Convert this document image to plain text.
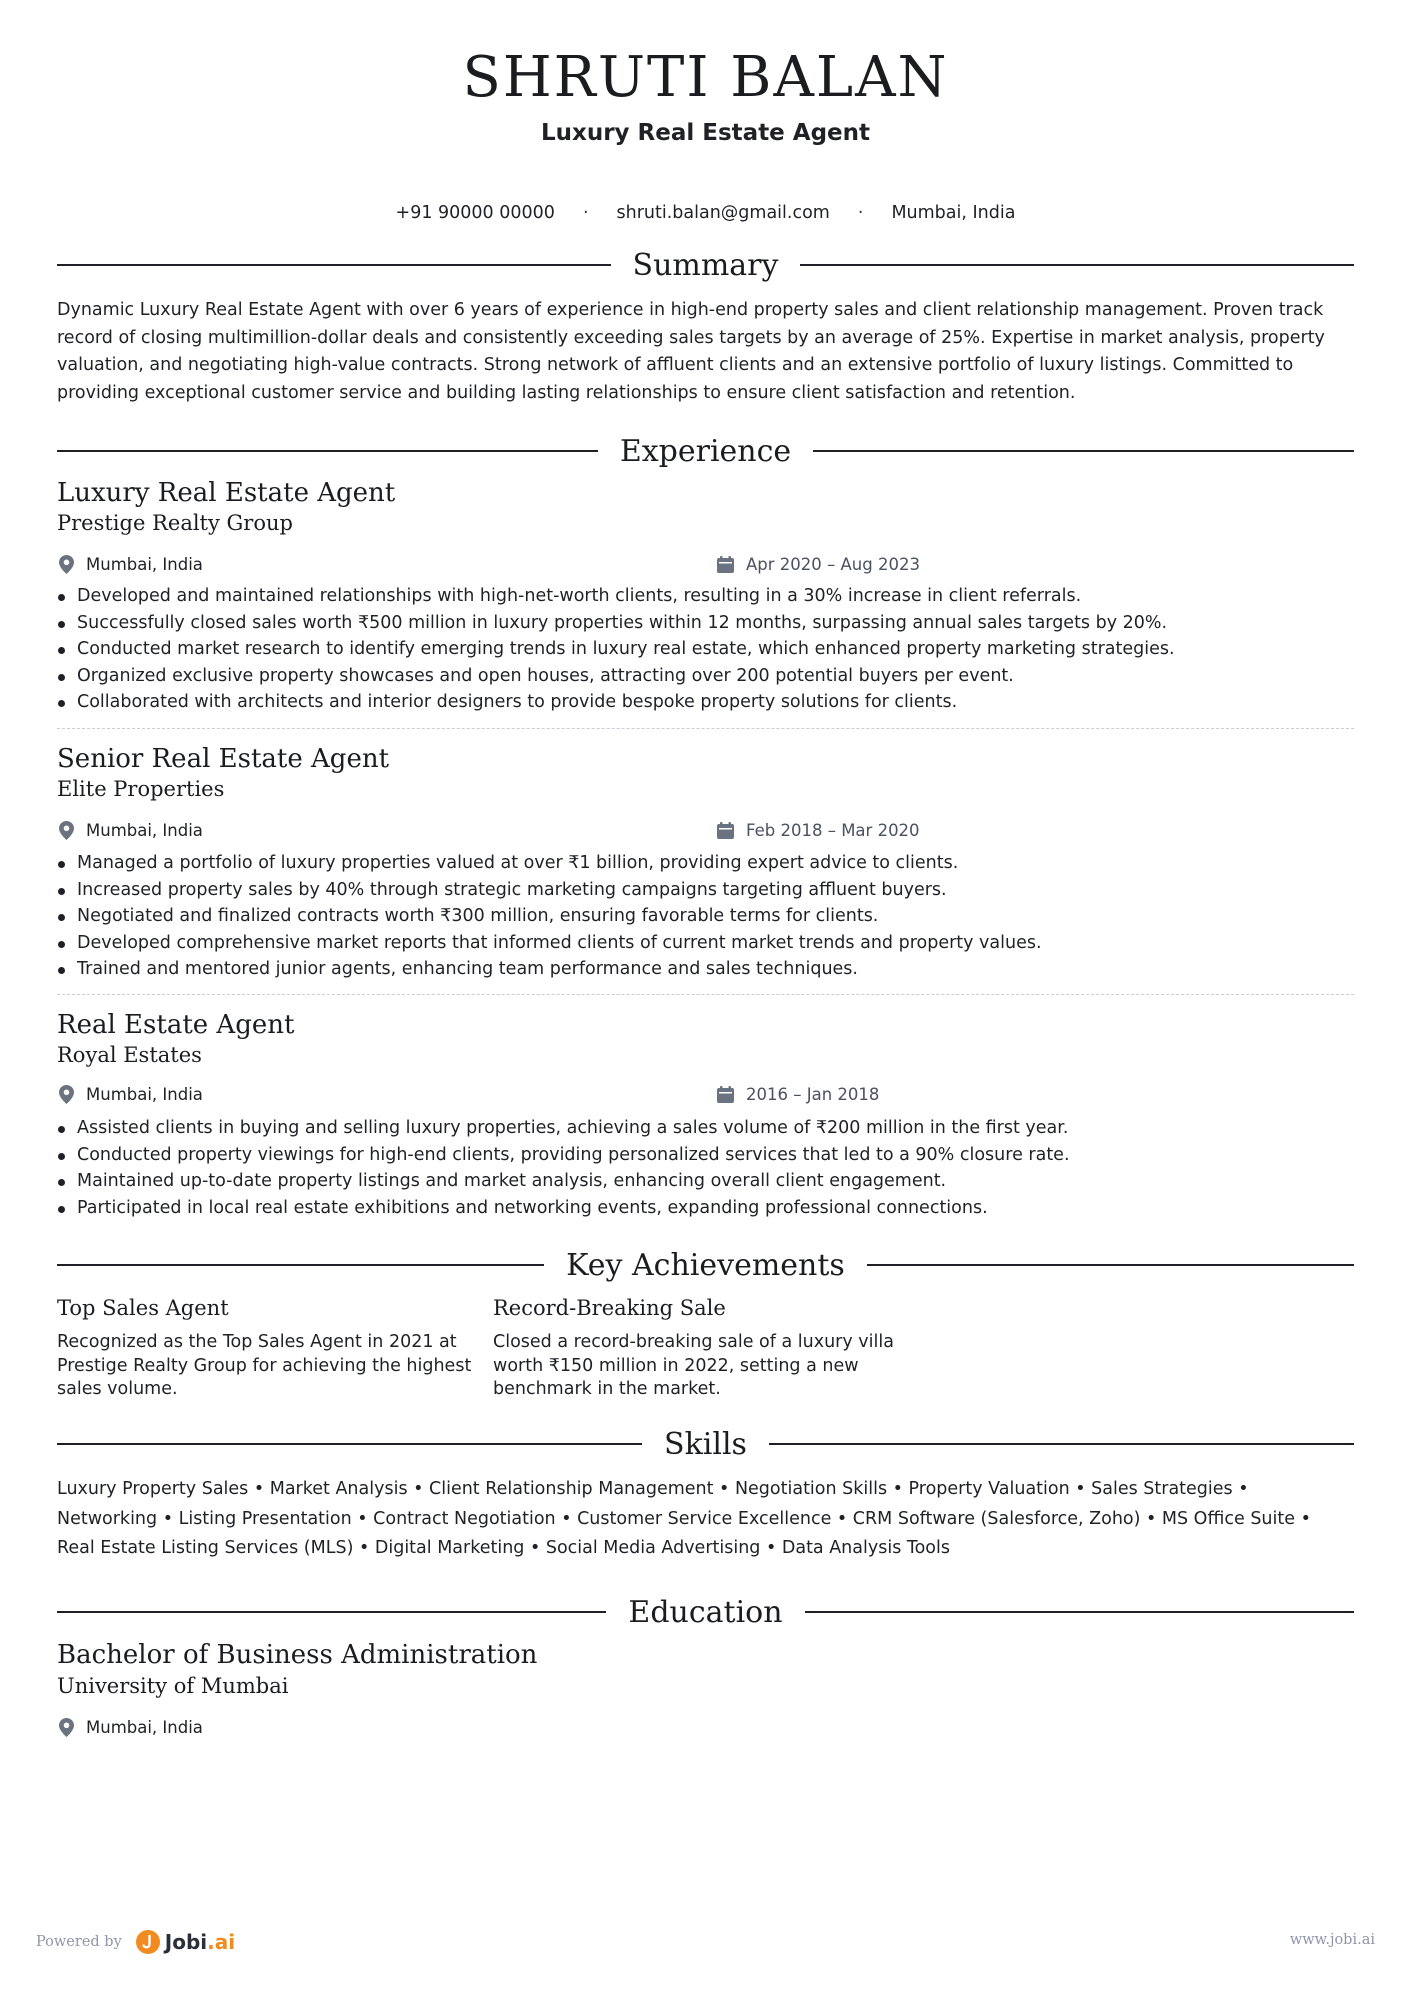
SHRUTI BALAN
Luxury Real Estate Agent
+91 90000 00000 · shruti.balan@gmail.com · Mumbai, India
Summary
Dynamic Luxury Real Estate Agent with over 6 years of experience in high-end property sales and client relationship management. Proven track record of closing multimillion-dollar deals and consistently exceeding sales targets by an average of 25%. Expertise in market analysis, property valuation, and negotiating high-value contracts. Strong network of affluent clients and an extensive portfolio of luxury listings. Committed to providing exceptional customer service and building lasting relationships to ensure client satisfaction and retention.
Experience
Luxury Real Estate Agent
Prestige Realty Group
Mumbai, India	Apr 2020 – Aug 2023
Developed and maintained relationships with high-net-worth clients, resulting in a 30% increase in client referrals.
Successfully closed sales worth ₹500 million in luxury properties within 12 months, surpassing annual sales targets by 20%.
Conducted market research to identify emerging trends in luxury real estate, which enhanced property marketing strategies.
Organized exclusive property showcases and open houses, attracting over 200 potential buyers per event.
Collaborated with architects and interior designers to provide bespoke property solutions for clients.
Senior Real Estate Agent
Elite Properties
Mumbai, India	Feb 2018 – Mar 2020
Managed a portfolio of luxury properties valued at over ₹1 billion, providing expert advice to clients.
Increased property sales by 40% through strategic marketing campaigns targeting affluent buyers.
Negotiated and finalized contracts worth ₹300 million, ensuring favorable terms for clients.
Developed comprehensive market reports that informed clients of current market trends and property values.
Trained and mentored junior agents, enhancing team performance and sales techniques.
Real Estate Agent
Royal Estates
Mumbai, India	2016 – Jan 2018
Assisted clients in buying and selling luxury properties, achieving a sales volume of ₹200 million in the first year.
Conducted property viewings for high-end clients, providing personalized services that led to a 90% closure rate.
Maintained up-to-date property listings and market analysis, enhancing overall client engagement.
Participated in local real estate exhibitions and networking events, expanding professional connections.
Key Achievements
Top Sales Agent
Recognized as the Top Sales Agent in 2021 at Prestige Realty Group for achieving the highest sales volume.
Record-Breaking Sale
Closed a record-breaking sale of a luxury villa worth ₹150 million in 2022, setting a new benchmark in the market.
Skills
Luxury Property Sales • Market Analysis • Client Relationship Management • Negotiation Skills • Property Valuation • Sales Strategies • Networking • Listing Presentation • Contract Negotiation • Customer Service Excellence • CRM Software (Salesforce, Zoho) • MS Office Suite • Real Estate Listing Services (MLS) • Digital Marketing • Social Media Advertising • Data Analysis Tools
Education
Bachelor of Business Administration
University of Mumbai
Mumbai, India
Powered by Jobi .ai	www.jobi.ai
